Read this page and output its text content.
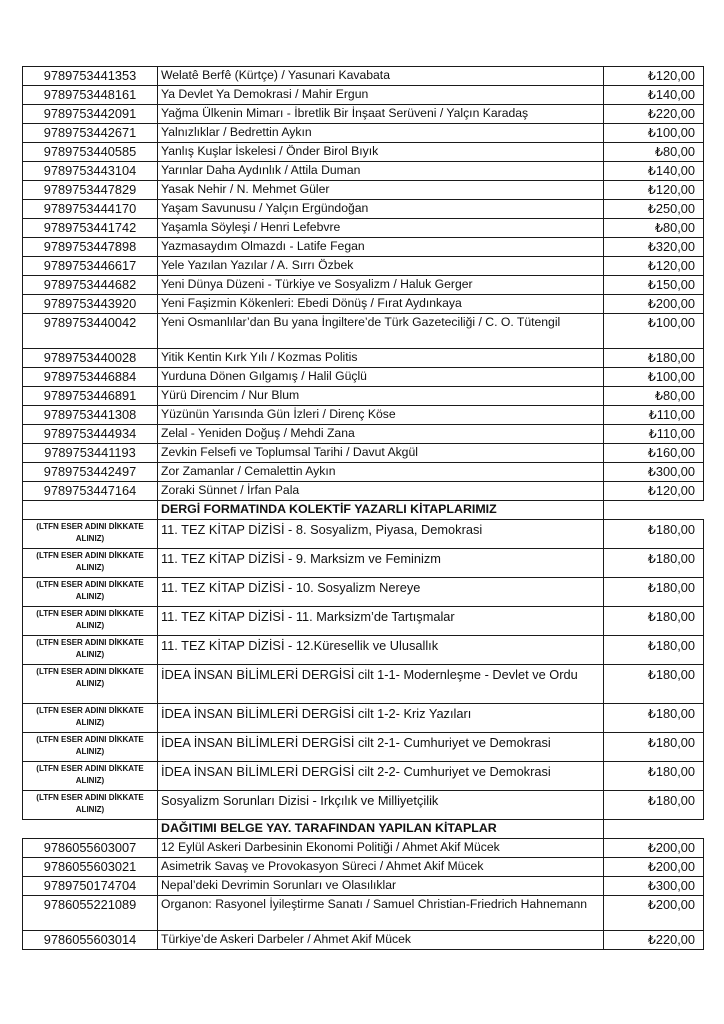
9789753441353	Welatê Berfê (Kürtçe) / Yasunari Kavabata	₺120,00
9789753448161	Ya Devlet Ya Demokrasi / Mahir Ergun	₺140,00
9789753442091	Yağma Ülkenin Mimarı - İbretlik Bir İnşaat Serüveni / Yalçın Karadaş	₺220,00
9789753442671	Yalnızlıklar / Bedrettin Aykın	₺100,00
9789753440585	Yanlış Kuşlar İskelesi / Önder Birol Bıyık	₺80,00
9789753443104	Yarınlar Daha Aydınlık / Attila Duman	₺140,00
9789753447829	Yasak Nehir / N. Mehmet Güler	₺120,00
9789753444170	Yaşam Savunusu / Yalçın Ergündoğan	₺250,00
9789753441742	Yaşamla Söyleşi / Henri Lefebvre	₺80,00
9789753447898	Yazmasaydım Olmazdı - Latife Fegan	₺320,00
9789753446617	Yele Yazılan Yazılar / A. Sırrı Özbek	₺120,00
9789753444682	Yeni Dünya Düzeni - Türkiye ve Sosyalizm / Haluk Gerger	₺150,00
9789753443920	Yeni Faşizmin Kökenleri: Ebedi Dönüş / Fırat Aydınkaya	₺200,00
9789753440042	Yeni Osmanlılar’dan Bu yana İngiltere’de Türk Gazeteciliği / C. O. Tütengil	₺100,00
9789753440028	Yitik Kentin Kırk Yılı / Kozmas Politis	₺180,00
9789753446884	Yurduna Dönen Gılgamış / Halil Güçlü	₺100,00
9789753446891	Yürü Direncim / Nur Blum	₺80,00
9789753441308	Yüzünün Yarısında Gün İzleri / Direnç Köse	₺110,00
9789753444934	Zelal - Yeniden Doğuş / Mehdi Zana	₺110,00
9789753441193	Zevkin Felsefi ve Toplumsal Tarihi / Davut Akgül	₺160,00
9789753442497	Zor Zamanlar / Cemalettin Aykın	₺300,00
9789753447164	Zoraki Sünnet / İrfan Pala	₺120,00
	DERGİ FORMATINDA KOLEKTİF YAZARLI KİTAPLARIMIZ	
(LTFN ESER ADINI DİKKATE ALINIZ)	11. TEZ KİTAP DİZİSİ - 8. Sosyalizm, Piyasa, Demokrasi	₺180,00
(LTFN ESER ADINI DİKKATE ALINIZ)	11. TEZ KİTAP DİZİSİ - 9. Marksizm ve Feminizm	₺180,00
(LTFN ESER ADINI DİKKATE ALINIZ)	11. TEZ KİTAP DİZİSİ - 10. Sosyalizm Nereye	₺180,00
(LTFN ESER ADINI DİKKATE ALINIZ)	11. TEZ KİTAP DİZİSİ - 11. Marksizm’de Tartışmalar	₺180,00
(LTFN ESER ADINI DİKKATE ALINIZ)	11. TEZ KİTAP DİZİSİ - 12.Küresellik ve Ulusallık	₺180,00
(LTFN ESER ADINI DİKKATE ALINIZ)	İDEA İNSAN BİLİMLERİ DERGİSİ cilt 1-1- Modernleşme - Devlet ve Ordu	₺180,00
(LTFN ESER ADINI DİKKATE ALINIZ)	İDEA İNSAN BİLİMLERİ DERGİSİ cilt 1-2- Kriz Yazıları	₺180,00
(LTFN ESER ADINI DİKKATE ALINIZ)	İDEA İNSAN BİLİMLERİ DERGİSİ cilt 2-1- Cumhuriyet ve Demokrasi	₺180,00
(LTFN ESER ADINI DİKKATE ALINIZ)	İDEA İNSAN BİLİMLERİ DERGİSİ cilt 2-2- Cumhuriyet ve Demokrasi	₺180,00
(LTFN ESER ADINI DİKKATE ALINIZ)	Sosyalizm Sorunları Dizisi - Irkçılık ve Milliyetçilik	₺180,00
	DAĞITIMI BELGE YAY. TARAFINDAN YAPILAN KİTAPLAR	
9786055603007	12 Eylül Askeri Darbesinin Ekonomi Politiği / Ahmet Akif Mücek	₺200,00
9786055603021	Asimetrik Savaş ve Provokasyon Süreci / Ahmet Akif Mücek	₺200,00
9789750174704	Nepal’deki Devrimin Sorunları ve Olasılıklar	₺300,00
9786055221089	Organon: Rasyonel İyileştirme Sanatı / Samuel Christian-Friedrich Hahnemann	₺200,00
9786055603014	Türkiye’de Askeri Darbeler / Ahmet Akif Mücek	₺220,00
